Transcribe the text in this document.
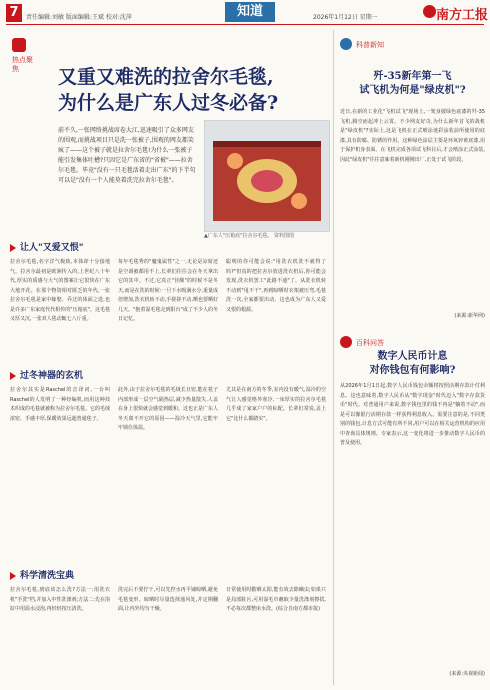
7	责任编辑:刘敏 版面编辑:王斌 校对:沈萍	知道	2026年1月12日 星期一	南方工报
热点聚焦	又重又难洗的拉舍尔毛毯,
为什么是广东人过冬必备?
前不久,一张网络挑战席卷大江,迅速吸引了众多网友的围观,而挑战项目只是洗一张被子,围观的网友都笑疯了——这个被子就是拉舍尔毛毯!为什么一张被子能引发集体吐槽?只因它是广东省的"省被"——拉舍尔毛毯。毕竟"没有一只毛毯活着走出广东"的下半句可以是"没有一个人能莫着洗完拉舍尔毛毯"。
▲广东人"压箱底"拉舍尔毛毯。 资料图图
让人"又爱又恨"
拉舍尔毛毯,名字洋气极致,本体却十分接地气。拉舍尔最初是欧洲传入的,上世纪八十年代,厚实的质感与大气的图案让它很快在广东大地开花。在那个物资相对匮乏的年代,一张拉舍尔毛毯是家中嫁娶、乔迁的体面之选,也是许多广东家庭代代相传的"压箱底"。这毛毯又厚又沉,一张双人毯动辄七八斤重。
每年毛毯秀的"魔鬼属性"之一,无论是凉席还是空调被都用不上,长辈们往往会在冬天拿出它的其中。不过,它真正"佳酿"的时候不是冬天,而是在洗的时候:一旦下水吸满水分,重量成倍增加,洗衣机转不动,手搓搓不动,晒也要晒好几天。"抱着湿毛毯走到阳台"成了不少人的冬日记忆。
聪明的你可能会说:"用洗衣机洗不就得了吗?"但真的把拉舍尔放进洗衣机后,你可能会发现,洗衣机罢工"此路不通"了。从洗衣机转不动到"甩不干",再到晾晒时衣架被压弯,毛毯洗一次,全家都要出动。这也成为广东人又爱又恨的根源。
过冬神器的玄机
拉舍尔其实是Raschel的音译词,一台叫Raschel的人发明了一种经编机,而用这种技术织成的毛毯就被称为拉舍尔毛毯。它的毛绒浓密、手感丰厚,保暖效果远超普通毯子。
此外,由于拉舍尔毛毯的毛绒长且密,能在毯子内部形成一层空气隔热层,减少热量散失,人盖在身上很快就会感觉到暖和。这也正是广东人冬天离不开它的原因——湿冷天气里,它能牢牢锁住体温。
尤其是在南方的冬季,室内没有暖气,湿冷的空气让人感觉格外寒冷,一床厚实的拉舍尔毛毯几乎成了家家户户的标配。长辈们常说,盖上它"比什么都踏实"。
科学清洗宝典
拉舍尔毛毯,到底该怎么洗?方法一:用洗衣机"手洗"档,并加入中性洗涤剂;方法二:先在浴缸中用温水浸泡,再轻轻按压清洗。
洗完后不要拧干,可以先控水再平铺晾晒,避免毛毯变形。晾晒时尽量选择通风处,并定期翻面,让内外均匀干燥。
日常使用时勤晒太阳,能有效去除螨虫;如果只是局部脏污,可用湿毛巾蘸取少量洗涤剂擦拭,不必每次都整床水洗。(综合自南方都市报)
科普新知
歼-35新年第一飞
试飞机为何是"绿皮机"?
近日,在新的工业化"飞机试飞"现场上,一架身披绿色底漆的歼-35飞机,腾空而起冲上云霄。不少网友好奇,为什么新年首飞的战机是"绿皮机"?实际上,这是飞机在正式喷涂迷彩涂装前所使用的底漆,具有防腐、防锈的作用。这种绿色涂层主要是环氧锌黄底漆,用于保护机身表面。在飞机完成各项试飞科目后,才会喷涂正式涂装,因此"绿皮机"往往意味着新机刚刚出厂,正处于试飞阶段。
(来源:新华网)
百科问答
数字人民币计息
对你钱包有何影响?
从2026年1月1日起,数字人民币钱包余额将按照活期存款计付利息。这也意味着,数字人民币从"数字现金"时代迈入"数字存款货币"时代。对普通用户来说,数字钱包里的钱不再是"躺着不动",而是可以像银行活期存款一样获得利息收入。需要注意的是,不同类别的钱包,计息方式可能有所不同,用户可以在相关运营机构的应用中查询具体规则。专家表示,这一变化将进一步推动数字人民币的普及使用。
(来源:央视新闻)
